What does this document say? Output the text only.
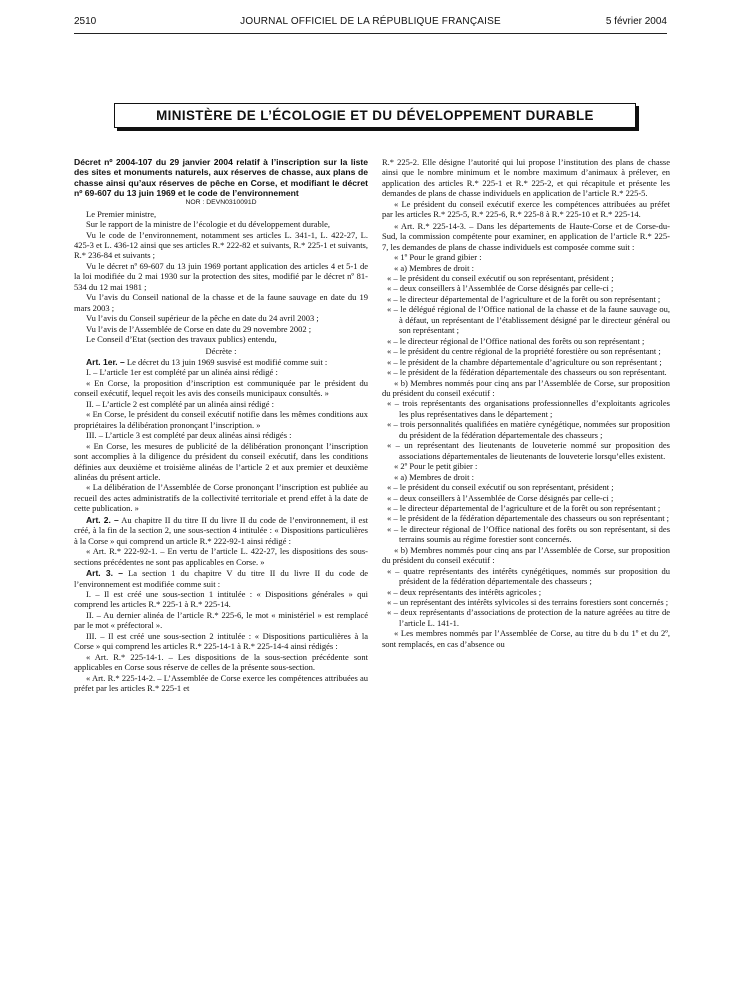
2510	JOURNAL OFFICIEL DE LA RÉPUBLIQUE FRANÇAISE	5 février 2004
MINISTÈRE DE L’ÉCOLOGIE ET DU DÉVELOPPEMENT DURABLE

Décret nº 2004-107 du 29 janvier 2004 relatif à l’inscription sur la liste des sites et monuments naturels, aux réserves de chasse, aux plans de chasse ainsi qu’aux réserves de pêche en Corse, et modifiant le décret nº 69-607 du 13 juin 1969 et le code de l’environnement

NOR : DEVN0310091D

Le Premier ministre,

Sur le rapport de la ministre de l’écologie et du développement durable,

Vu le code de l’environnement, notamment ses articles L. 341-1, L. 422-27, L. 425-3 et L. 436-12 ainsi que ses articles R.* 222-82 et suivants, R.* 225-1 et suivants, R.* 236-84 et suivants ;

Vu le décret nº 69-607 du 13 juin 1969 portant application des articles 4 et 5-1 de la loi modifiée du 2 mai 1930 sur la protection des sites, modifié par le décret nº 81-534 du 12 mai 1981 ;

Vu l’avis du Conseil national de la chasse et de la faune sauvage en date du 19 mars 2003 ;

Vu l’avis du Conseil supérieur de la pêche en date du 24 avril 2003 ;

Vu l’avis de l’Assemblée de Corse en date du 29 novembre 2002 ;

Le Conseil d’Etat (section des travaux publics) entendu,

Décrète :

Art. 1er. – Le décret du 13 juin 1969 susvisé est modifié comme suit :

I. – L’article 1er est complété par un alinéa ainsi rédigé :

« En Corse, la proposition d’inscription est communiquée par le président du conseil exécutif, lequel reçoit les avis des conseils municipaux consultés. »

II. – L’article 2 est complété par un alinéa ainsi rédigé :

« En Corse, le président du conseil exécutif notifie dans les mêmes conditions aux propriétaires la délibération prononçant l’inscription. »

III. – L’article 3 est complété par deux alinéas ainsi rédigés :

« En Corse, les mesures de publicité de la délibération prononçant l’inscription sont accomplies à la diligence du président du conseil exécutif, dans les conditions définies aux deuxième et troisième alinéas de l’article 2 et aux premier et deuxième alinéas du présent article.

« La délibération de l’Assemblée de Corse prononçant l’inscription est publiée au recueil des actes administratifs de la collectivité territoriale et prend effet à la date de cette publication. »

Art. 2. – Au chapitre II du titre II du livre II du code de l’environnement, il est créé, à la fin de la section 2, une sous-section 4 intitulée : « Dispositions particulières à la Corse » qui comprend un article R.* 222-92-1 ainsi rédigé :

« Art. R.* 222-92-1. – En vertu de l’article L. 422-27, les dispositions des sous-sections précédentes ne sont pas applicables en Corse. »

Art. 3. – La section 1 du chapitre V du titre II du livre II du code de l’environnement est modifiée comme suit :

I. – Il est créé une sous-section 1 intitulée : « Dispositions générales » qui comprend les articles R.* 225-1 à R.* 225-14.

II. – Au dernier alinéa de l’article R.* 225-6, le mot « ministériel » est remplacé par le mot « préfectoral ».

III. – Il est créé une sous-section 2 intitulée : « Dispositions particulières à la Corse » qui comprend les articles R.* 225-14-1 à R.* 225-14-4 ainsi rédigés :

« Art. R.* 225-14-1. – Les dispositions de la sous-section précédente sont applicables en Corse sous réserve de celles de la présente sous-section.

« Art. R.* 225-14-2. – L’Assemblée de Corse exerce les compétences attribuées au préfet par les articles R.* 225-1 et

R.* 225-2. Elle désigne l’autorité qui lui propose l’institution des plans de chasse ainsi que le nombre minimum et le nombre maximum d’animaux à prélever, en application des articles R.* 225-1 et R.* 225-2, et qui récapitule et présente les demandes de plans de chasse individuels en application de l’article R.* 225-5.

« Le président du conseil exécutif exerce les compétences attribuées au préfet par les articles R.* 225-5, R.* 225-6, R.* 225-8 à R.* 225-10 et R.* 225-14.

« Art. R.* 225-14-3. – Dans les départements de Haute-Corse et de Corse-du-Sud, la commission compétente pour examiner, en application de l’article R.* 225-7, les demandes de plans de chasse individuels est composée comme suit :

« 1º Pour le grand gibier :

« a) Membres de droit :

« – le président du conseil exécutif ou son représentant, président ;

« – deux conseillers à l’Assemblée de Corse désignés par celle-ci ;

« – le directeur départemental de l’agriculture et de la forêt ou son représentant ;

« – le délégué régional de l’Office national de la chasse et de la faune sauvage ou, à défaut, un représentant de l’établissement désigné par le directeur général ou son représentant ;

« – le directeur régional de l’Office national des forêts ou son représentant ;

« – le président du centre régional de la propriété forestière ou son représentant ;

« – le président de la chambre départementale d’agriculture ou son représentant ;

« – le président de la fédération départementale des chasseurs ou son représentant.

« b) Membres nommés pour cinq ans par l’Assemblée de Corse, sur proposition du président du conseil exécutif :

« – trois représentants des organisations professionnelles d’exploitants agricoles les plus représentatives dans le département ;

« – trois personnalités qualifiées en matière cynégétique, nommées sur proposition du président de la fédération départementale des chasseurs ;

« – un représentant des lieutenants de louveterie nommé sur proposition des associations départementales de lieutenants de louveterie lorsqu’elles existent.

« 2º Pour le petit gibier :

« a) Membres de droit :

« – le président du conseil exécutif ou son représentant, président ;

« – deux conseillers à l’Assemblée de Corse désignés par celle-ci ;

« – le directeur départemental de l’agriculture et de la forêt ou son représentant ;

« – le président de la fédération départementale des chasseurs ou son représentant ;

« – le directeur régional de l’Office national des forêts ou son représentant, si des terrains soumis au régime forestier sont concernés.

« b) Membres nommés pour cinq ans par l’Assemblée de Corse, sur proposition du président du conseil exécutif :

« – quatre représentants des intérêts cynégétiques, nommés sur proposition du président de la fédération départementale des chasseurs ;

« – deux représentants des intérêts agricoles ;

« – un représentant des intérêts sylvicoles si des terrains forestiers sont concernés ;

« – deux représentants d’associations de protection de la nature agréées au titre de l’article L. 141-1.

« Les membres nommés par l’Assemblée de Corse, au titre du b du 1º et du 2º, sont remplacés, en cas d’absence ou
